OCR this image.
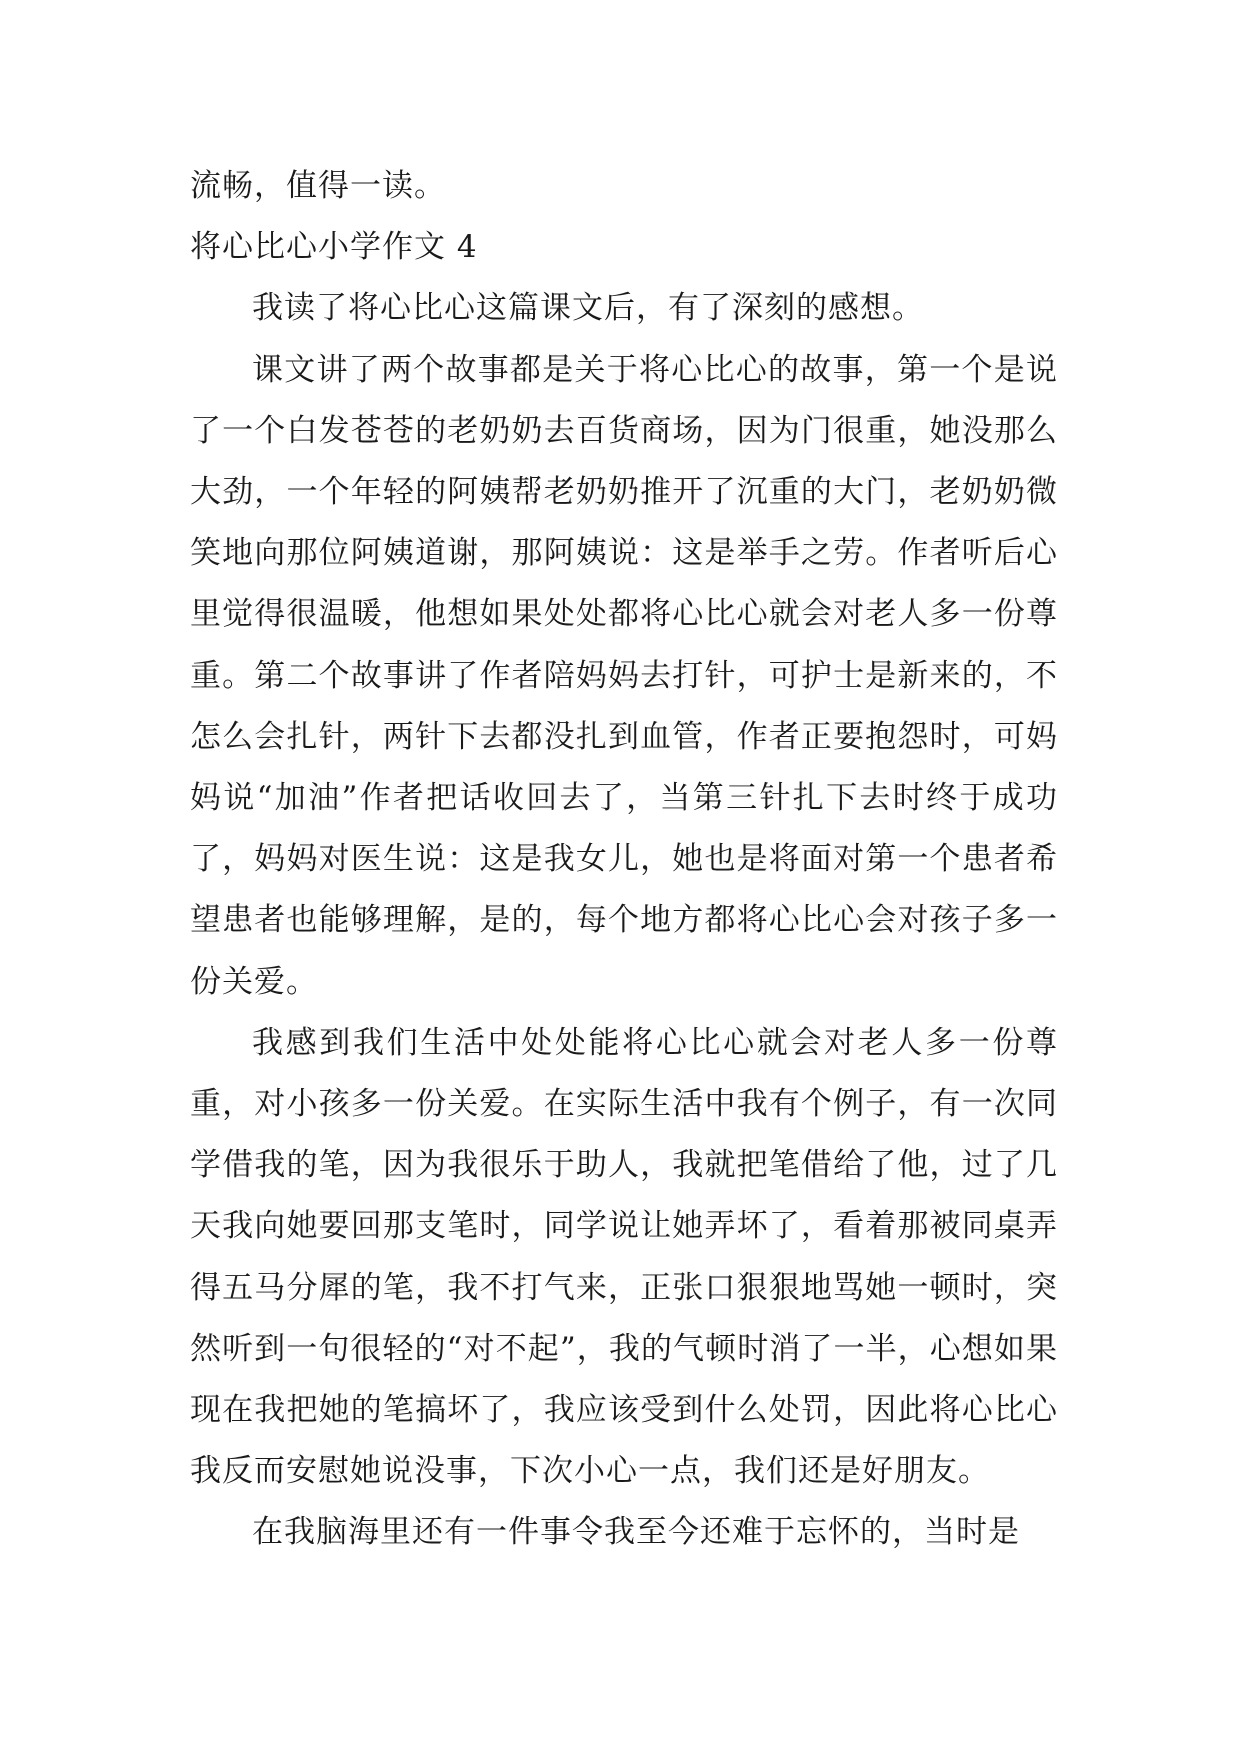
流畅，值得一读。

将心比心小学作文 4

我读了将心比心这篇课文后，有了深刻的感想。

课文讲了两个故事都是关于将心比心的故事，第一个是说了一个白发苍苍的老奶奶去百货商场，因为门很重，她没那么大劲，一个年轻的阿姨帮老奶奶推开了沉重的大门，老奶奶微笑地向那位阿姨道谢，那阿姨说：这是举手之劳。作者听后心里觉得很温暖，他想如果处处都将心比心就会对老人多一份尊重。第二个故事讲了作者陪妈妈去打针，可护士是新来的，不怎么会扎针，两针下去都没扎到血管，作者正要抱怨时，可妈妈说“加油”作者把话收回去了，当第三针扎下去时终于成功了，妈妈对医生说：这是我女儿，她也是将面对第一个患者希望患者也能够理解，是的，每个地方都将心比心会对孩子多一份关爱。

我感到我们生活中处处能将心比心就会对老人多一份尊重，对小孩多一份关爱。在实际生活中我有个例子，有一次同学借我的笔，因为我很乐于助人，我就把笔借给了他，过了几天我向她要回那支笔时，同学说让她弄坏了，看着那被同桌弄得五马分犀的笔，我不打气来，正张口狠狠地骂她一顿时，突然听到一句很轻的“对不起”，我的气顿时消了一半，心想如果现在我把她的笔搞坏了，我应该受到什么处罚，因此将心比心我反而安慰她说没事，下次小心一点，我们还是好朋友。

在我脑海里还有一件事令我至今还难于忘怀的，当时是
